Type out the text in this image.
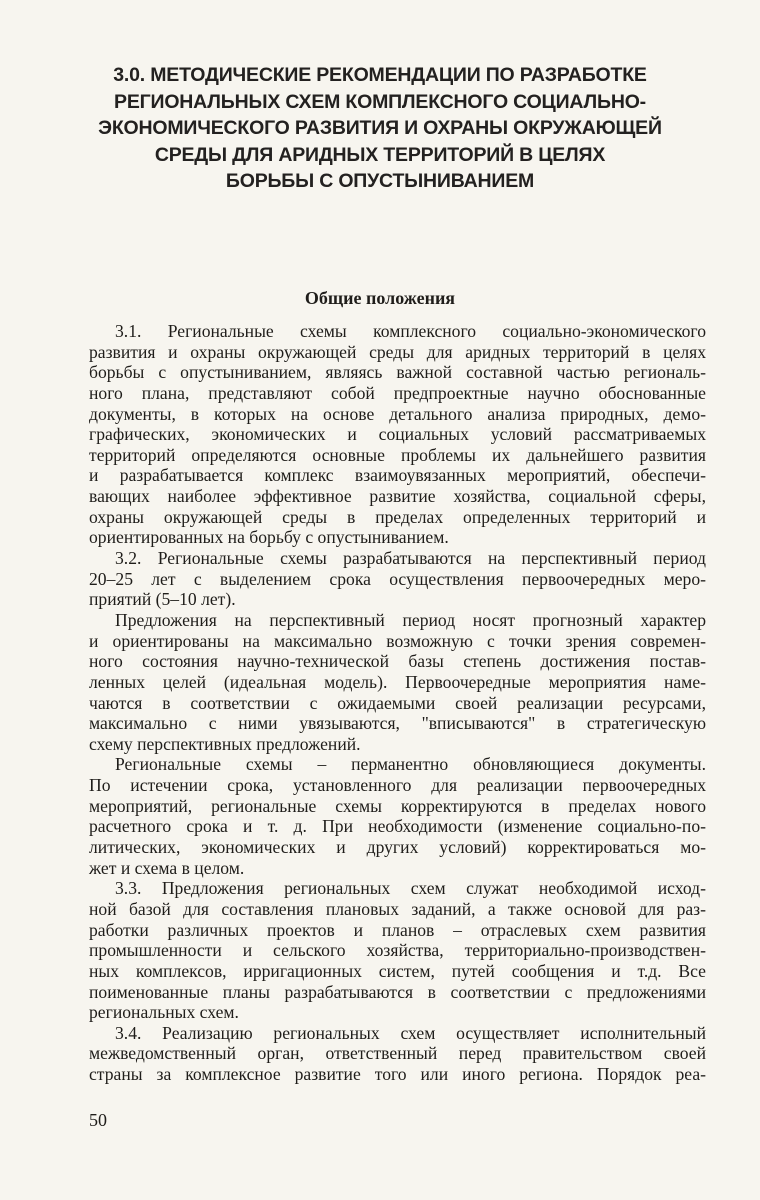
3.0. МЕТОДИЧЕСКИЕ РЕКОМЕНДАЦИИ ПО РАЗРАБОТКЕ
РЕГИОНАЛЬНЫХ СХЕМ КОМПЛЕКСНОГО СОЦИАЛЬНО-
ЭКОНОМИЧЕСКОГО РАЗВИТИЯ И ОХРАНЫ ОКРУЖАЮЩЕЙ
СРЕДЫ ДЛЯ АРИДНЫХ ТЕРРИТОРИЙ В ЦЕЛЯХ
БОРЬБЫ С ОПУСТЫНИВАНИЕМ
Общие положения
3.1. Региональные схемы комплексного социально-экономического
развития и охраны окружающей среды для аридных территорий в целях
борьбы с опустыниванием, являясь важной составной частью региональ-
ного плана, представляют собой предпроектные научно обоснованные
документы, в которых на основе детального анализа природных, демо-
графических, экономических и социальных условий рассматриваемых
территорий определяются основные проблемы их дальнейшего развития
и разрабатывается комплекс взаимоувязанных мероприятий, обеспечи-
вающих наиболее эффективное развитие хозяйства, социальной сферы,
охраны окружающей среды в пределах определенных территорий и
ориентированных на борьбу с опустыниванием.
3.2. Региональные схемы разрабатываются на перспективный период
20–25 лет с выделением срока осуществления первоочередных меро-
приятий (5–10 лет).
Предложения на перспективный период носят прогнозный характер
и ориентированы на максимально возможную с точки зрения современ-
ного состояния научно-технической базы степень достижения постав-
ленных целей (идеальная модель). Первоочередные мероприятия наме-
чаются в соответствии с ожидаемыми своей реализации ресурсами,
максимально с ними увязываются, "вписываются" в стратегическую
схему перспективных предложений.
Региональные схемы – перманентно обновляющиеся документы.
По истечении срока, установленного для реализации первоочередных
мероприятий, региональные схемы корректируются в пределах нового
расчетного срока и т. д. При необходимости (изменение социально-по-
литических, экономических и других условий) корректироваться мо-
жет и схема в целом.
3.3. Предложения региональных схем служат необходимой исход-
ной базой для составления плановых заданий, а также основой для раз-
работки различных проектов и планов – отраслевых схем развития
промышленности и сельского хозяйства, территориально-производствен-
ных комплексов, ирригационных систем, путей сообщения и т.д. Все
поименованные планы разрабатываются в соответствии с предложениями
региональных схем.
3.4. Реализацию региональных схем осуществляет исполнительный
межведомственный орган, ответственный перед правительством своей
страны за комплексное развитие того или иного региона. Порядок реа-
50
